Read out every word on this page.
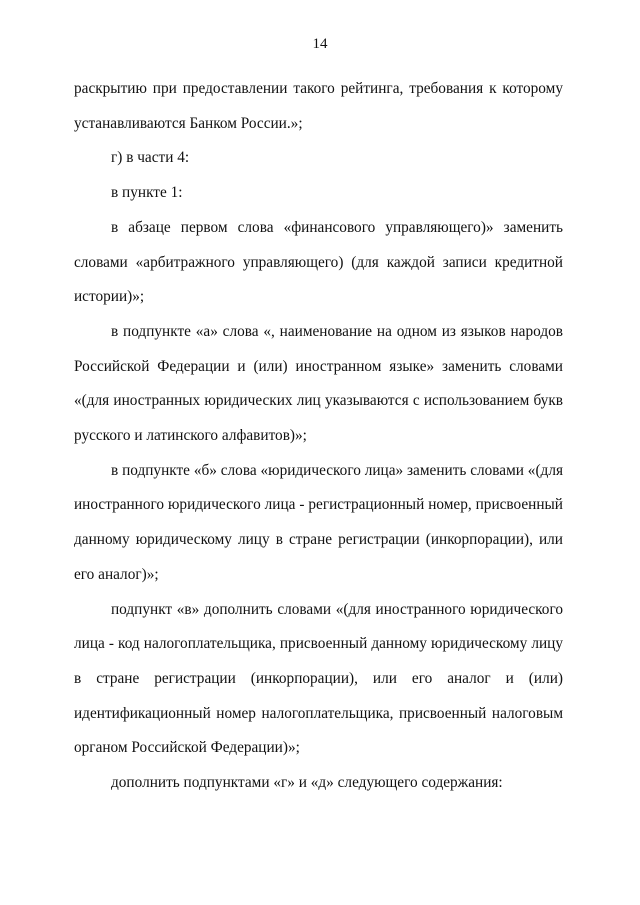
14

раскрытию при предоставлении такого рейтинга, требования к которому устанавливаются Банком России.»;

г) в части 4:

в пункте 1:

в абзаце первом слова «финансового управляющего)» заменить словами «арбитражного управляющего) (для каждой записи кредитной истории)»;

в подпункте «а» слова «, наименование на одном из языков народов Российской Федерации и (или) иностранном языке» заменить словами «(для иностранных юридических лиц указываются с использованием букв русского и латинского алфавитов)»;

в подпункте «б» слова «юридического лица» заменить словами «(для иностранного юридического лица - регистрационный номер, присвоенный данному юридическому лицу в стране регистрации (инкорпорации), или его аналог)»;

подпункт «в» дополнить словами «(для иностранного юридического лица - код налогоплательщика, присвоенный данному юридическому лицу в стране регистрации (инкорпорации), или его аналог и (или) идентификационный номер налогоплательщика, присвоенный налоговым органом Российской Федерации)»;

дополнить подпунктами «г» и «д» следующего содержания:
